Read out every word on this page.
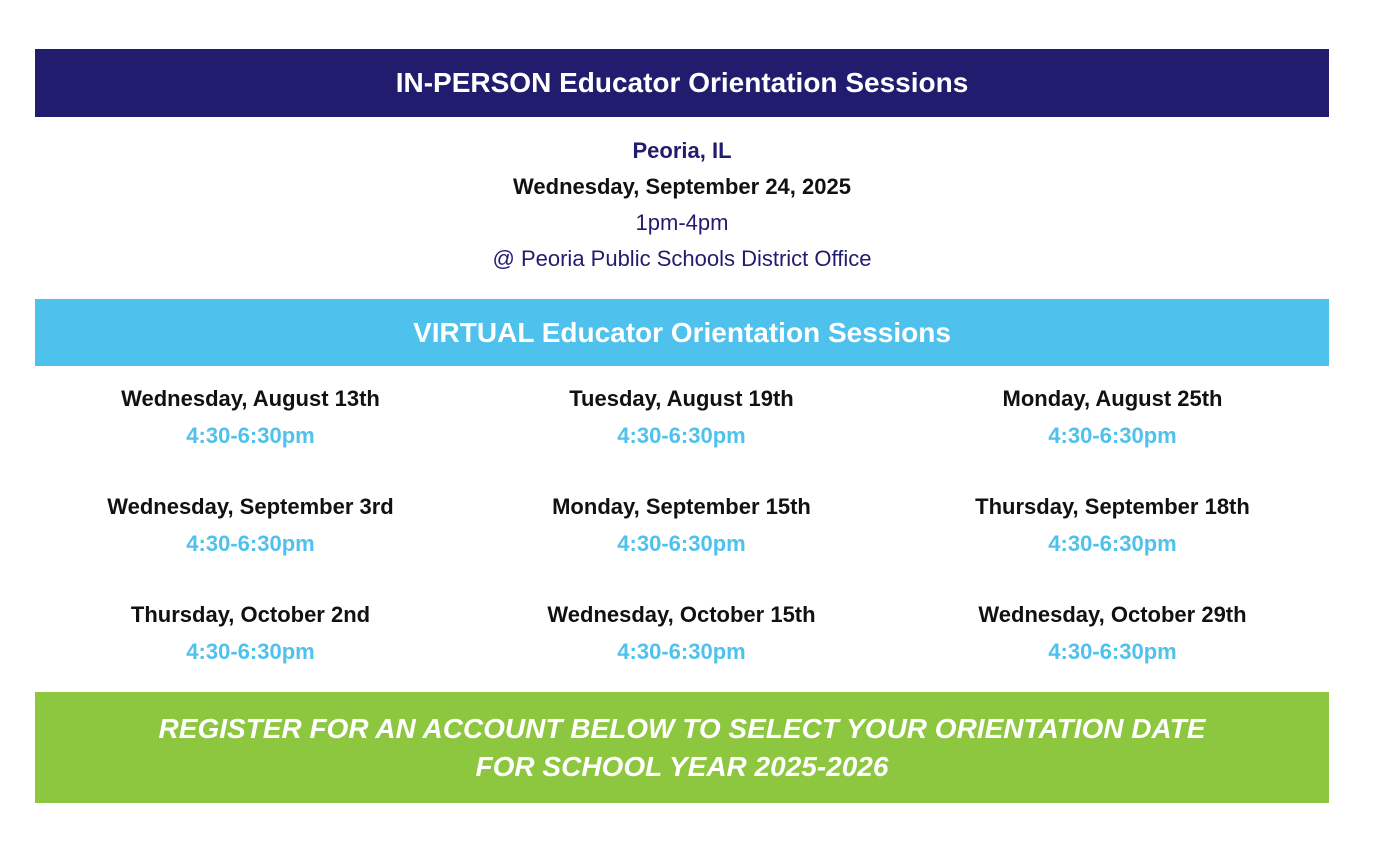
IN-PERSON Educator Orientation Sessions
Peoria, IL
Wednesday, September 24, 2025
1pm-4pm
@ Peoria Public Schools District Office
VIRTUAL Educator Orientation Sessions
Wednesday, August 13th
4:30-6:30pm
Tuesday, August 19th
4:30-6:30pm
Monday, August 25th
4:30-6:30pm
Wednesday, September 3rd
4:30-6:30pm
Monday, September 15th
4:30-6:30pm
Thursday, September 18th
4:30-6:30pm
Thursday, October 2nd
4:30-6:30pm
Wednesday, October 15th
4:30-6:30pm
Wednesday, October 29th
4:30-6:30pm
REGISTER FOR AN ACCOUNT BELOW TO SELECT YOUR ORIENTATION DATE
FOR SCHOOL YEAR 2025-2026
